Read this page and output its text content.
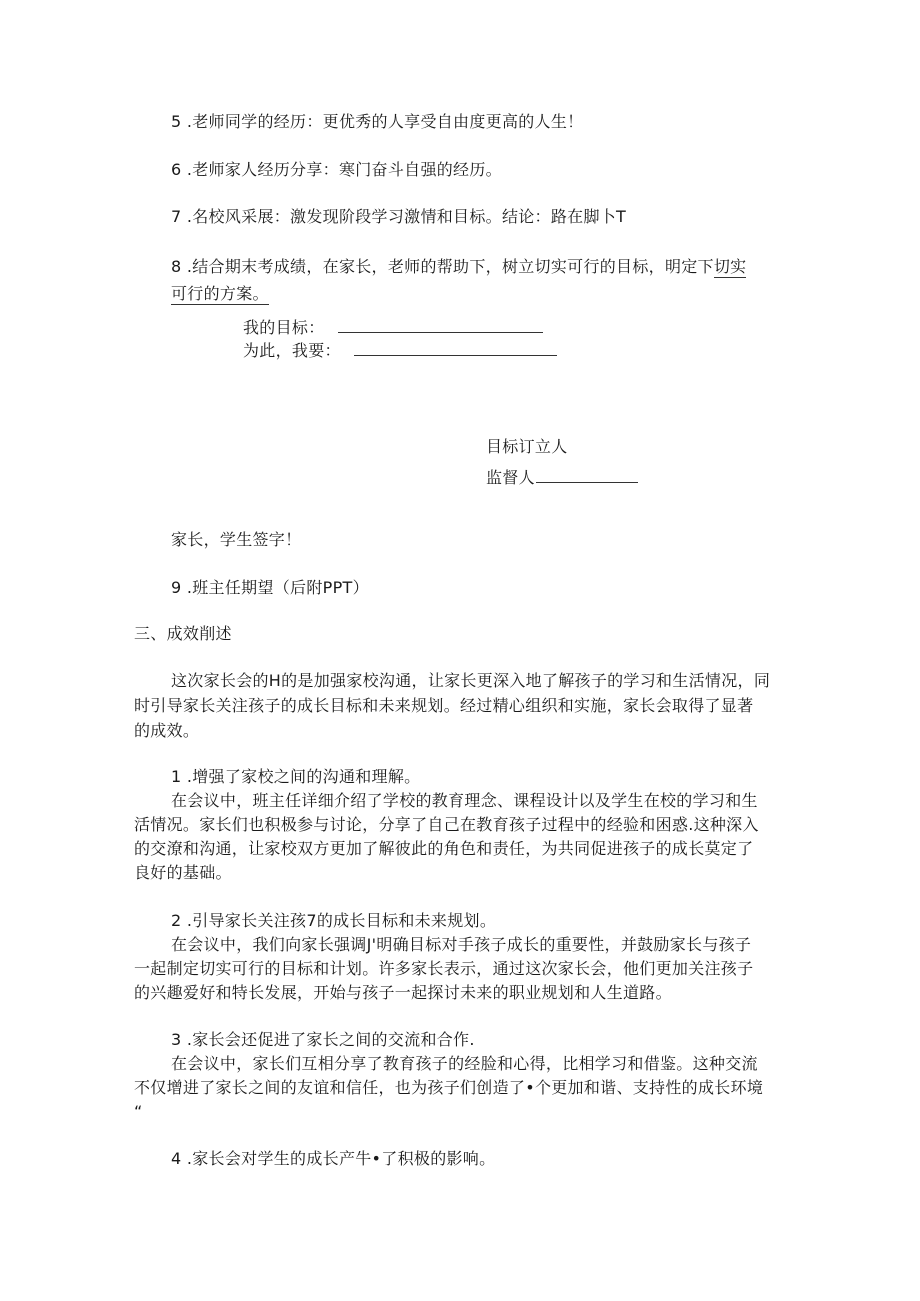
5 .老师同学的经历：更优秀的人享受自由度更高的人生！
6 .老师家人经历分享：寒门奋斗自强的经历。
7 .名校风采展：激发现阶段学习激情和目标。结论：路在脚卜T
8 .结合期末考成绩，在家长，老师的帮助下，树立切实可行的目标，明定下切实
可行的方案。
我的目标：
为此，我要：
目标订立人
监督人
家长，学生签字！
9 .班主任期望（后附PPT）
三、成效削述
这次家长会的H的是加强家校沟通，让家长更深入地了解孩子的学习和生活情况，同
时引导家长关注孩子的成长目标和未来规划。经过精心组织和实施，家长会取得了显著
的成效。
1 .增强了家校之间的沟通和理解。
在会议中，班主任详细介绍了学校的教育理念、课程设计以及学生在校的学习和生
活情况。家长们也积极参与讨论，分享了自己在教育孩子过程中的经验和困惑.这种深入
的交潦和沟通，让家校双方更加了解彼此的角色和责任，为共同促进孩子的成长莫定了
良好的基础。
2 .引导家长关注孩7的成长目标和未来规划。
在会议中，我们向家长强调J'明确目标对手孩子成长的重要性，并鼓励家长与孩子
一起制定切实可行的目标和计划。许多家长表示，通过这次家长会，他们更加关注孩子
的兴趣爱好和特长发展，开始与孩子一起探讨未来的职业规划和人生道路。
3 .家长会还促进了家长之间的交流和合作.
在会议中，家长们互相分享了教育孩子的经脸和心得，比相学习和借鉴。这种交流
不仅增进了家长之间的友谊和信任，也为孩子们创造了•个更加和谐、支持性的成长环境
“
4 .家长会对学生的成长产牛•了积极的影响。
